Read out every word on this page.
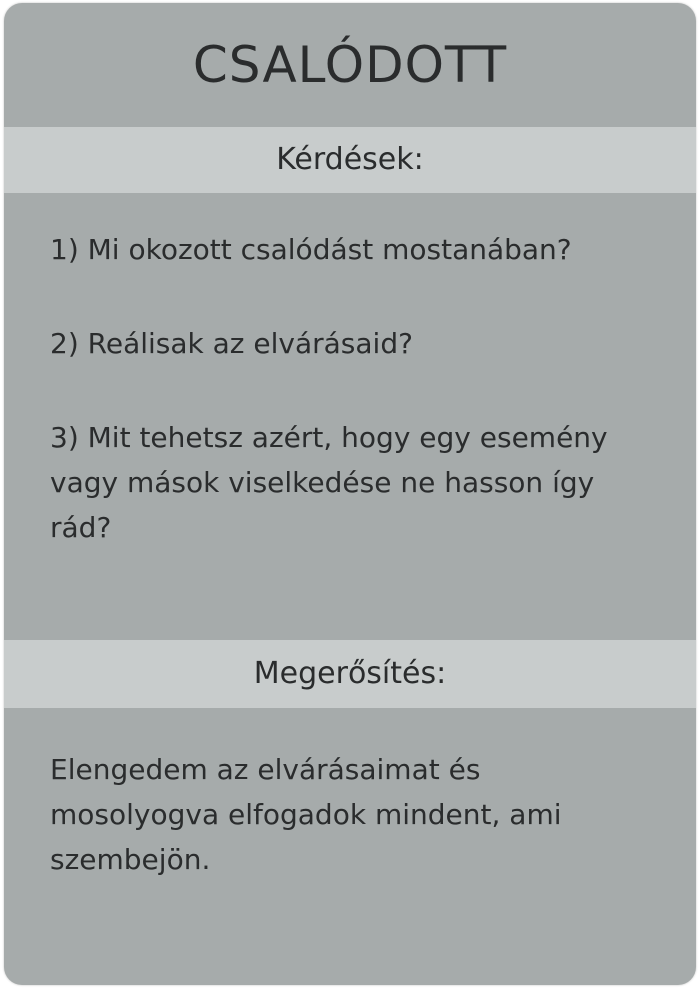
CSALÓDOTT
Kérdések:

1) Mi okozott csalódást mostanában?

2) Reálisak az elvárásaid?

3) Mit tehetsz azért, hogy egy esemény vagy mások viselkedése ne hasson így rád?

Megerősítés:

Elengedem az elvárásaimat és mosolyogva elfogadok mindent, ami szembejön.
